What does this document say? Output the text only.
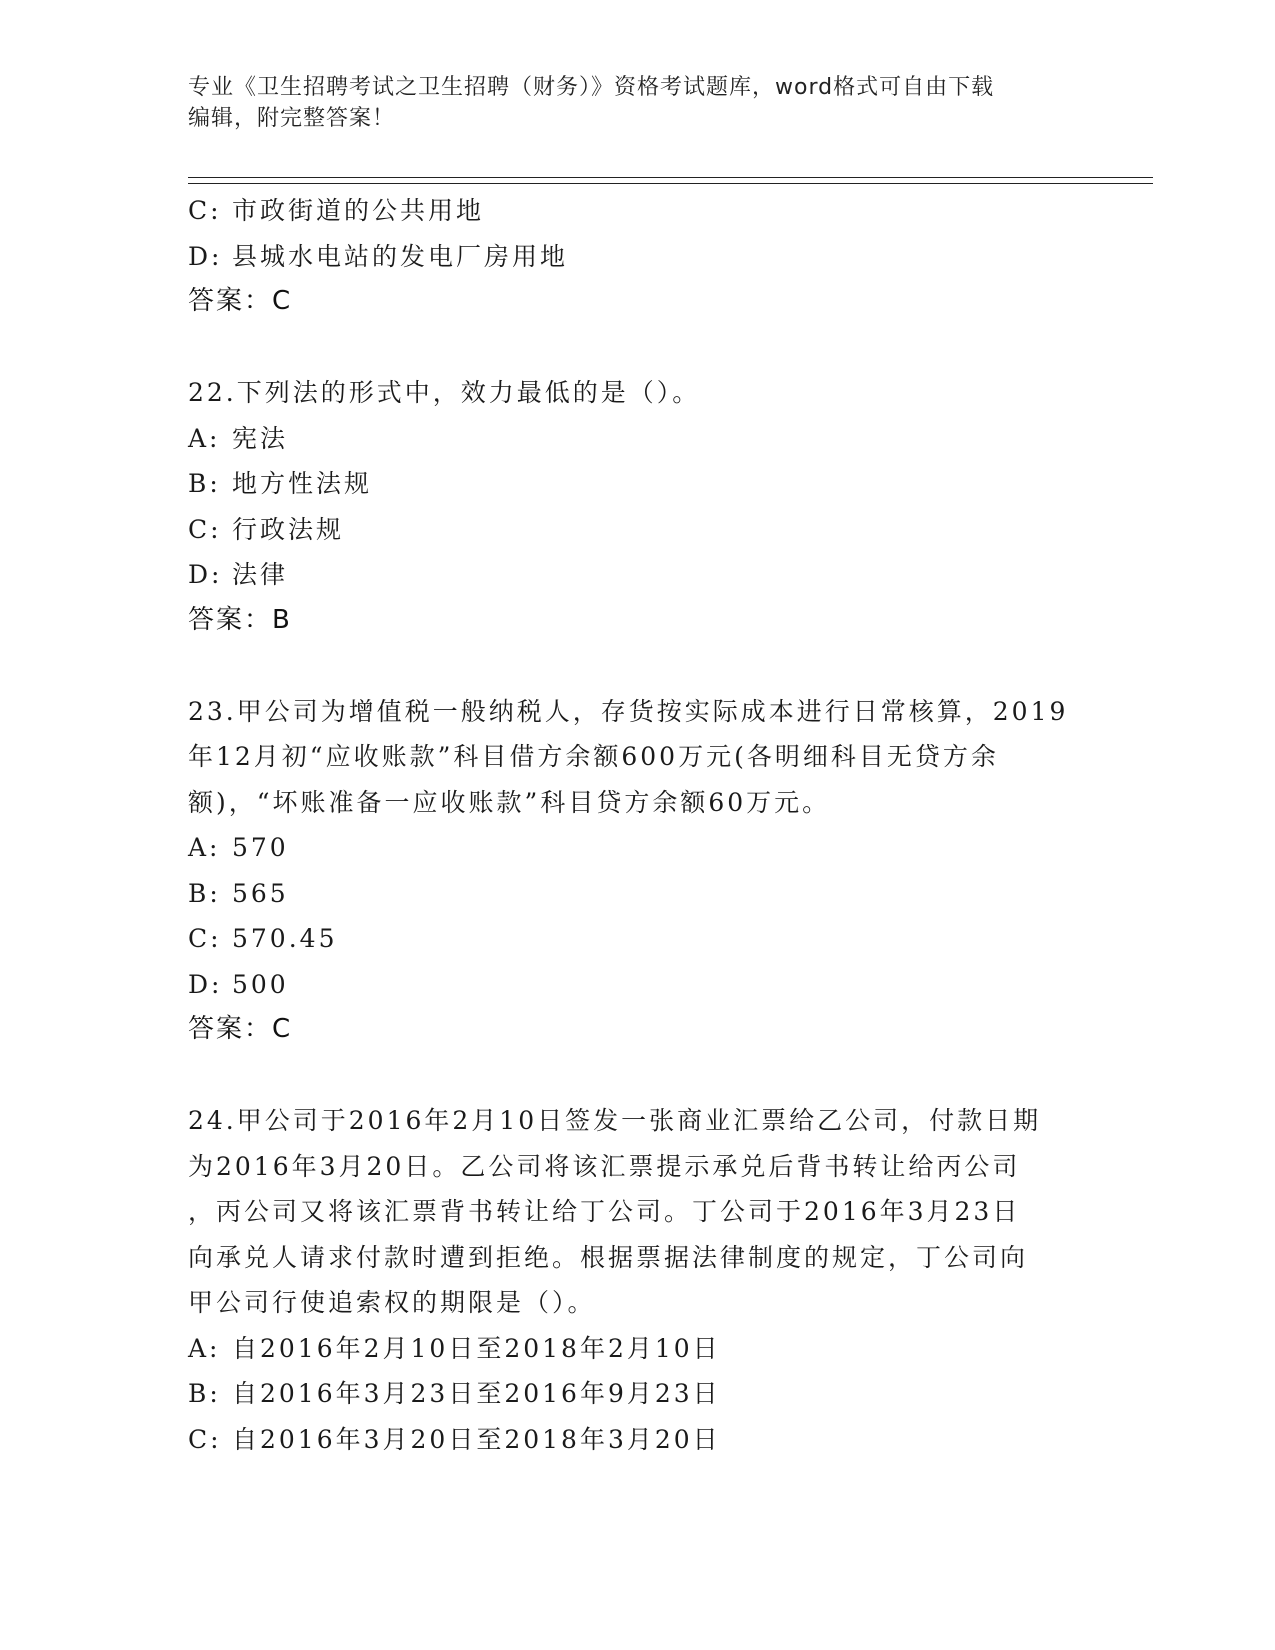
专业《卫生招聘考试之卫生招聘（财务）》资格考试题库，word格式可自由下载
编辑，附完整答案！
C: 市政街道的公共用地
D: 县城水电站的发电厂房用地
答案：C
22.下列法的形式中，效力最低的是（）。
A: 宪法
B: 地方性法规
C: 行政法规
D: 法律
答案：B
23.甲公司为增值税一般纳税人，存货按实际成本进行日常核算，2019
年12月初“应收账款”科目借方余额600万元(各明细科目无贷方余
额)，“坏账准备一应收账款”科目贷方余额60万元。
A: 570
B: 565
C: 570.45
D: 500
答案：C
24.甲公司于2016年2月10日签发一张商业汇票给乙公司，付款日期
为2016年3月20日。乙公司将该汇票提示承兑后背书转让给丙公司
，丙公司又将该汇票背书转让给丁公司。丁公司于2016年3月23日
向承兑人请求付款时遭到拒绝。根据票据法律制度的规定，丁公司向
甲公司行使追索权的期限是（）。
A: 自2016年2月10日至2018年2月10日
B: 自2016年3月23日至2016年9月23日
C: 自2016年3月20日至2018年3月20日
